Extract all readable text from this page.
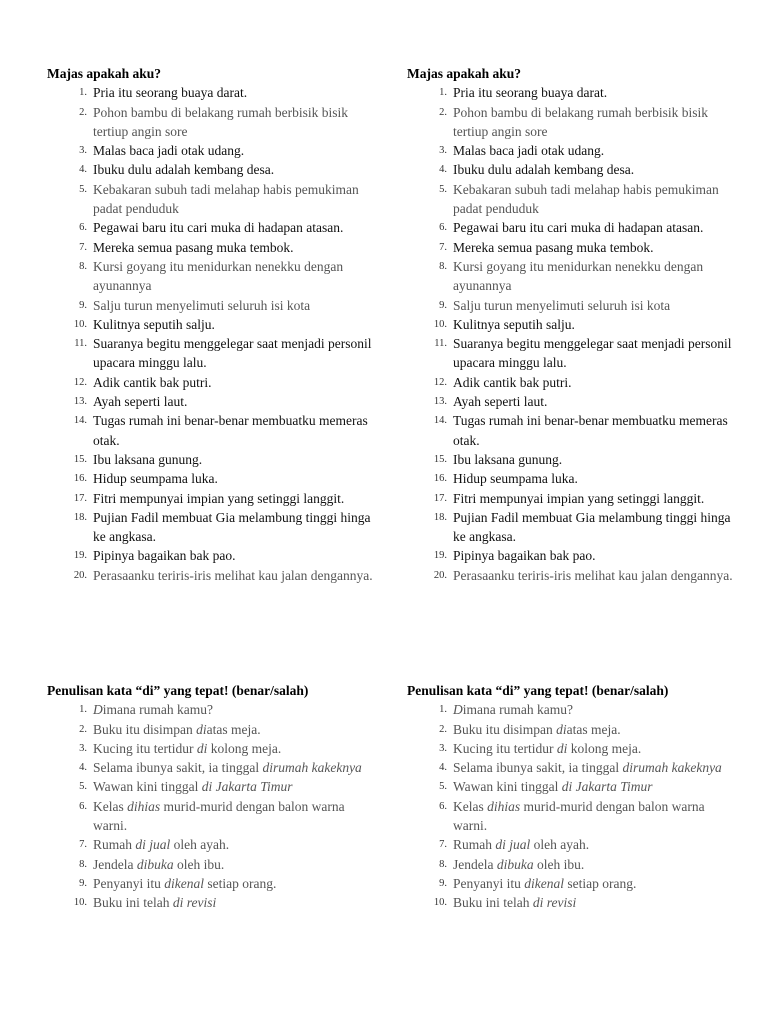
Majas apakah aku?

1. Pria itu seorang buaya darat.
2. Pohon bambu di belakang rumah berbisik bisik tertiup angin sore
3. Malas baca jadi otak udang.
4. Ibuku dulu adalah kembang desa.
5. Kebakaran subuh tadi melahap habis pemukiman padat penduduk
6. Pegawai baru itu cari muka di hadapan atasan.
7. Mereka semua pasang muka tembok.
8. Kursi goyang itu menidurkan nenekku dengan ayunannya
9. Salju turun menyelimuti seluruh isi kota
10. Kulitnya seputih salju.
11. Suaranya begitu menggelegar saat menjadi personil upacara minggu lalu.
12. Adik cantik bak putri.
13. Ayah seperti laut.
14. Tugas rumah ini benar-benar membuatku memeras otak.
15. Ibu laksana gunung.
16. Hidup seumpama luka.
17. Fitri mempunyai impian yang setinggi langgit.
18. Pujian Fadil membuat Gia melambung tinggi hinga ke angkasa.
19. Pipinya bagaikan bak pao.
20. Perasaanku teriris-iris melihat kau jalan dengannya.

Penulisan kata “di” yang tepat! (benar/salah)

1. Dimana rumah kamu?
2. Buku itu disimpan diatas meja.
3. Kucing itu tertidur di kolong meja.
4. Selama ibunya sakit, ia tinggal dirumah kakeknya
5. Wawan kini tinggal di Jakarta Timur
6. Kelas dihias murid-murid dengan balon warna warni.
7. Rumah di jual oleh ayah.
8. Jendela dibuka oleh ibu.
9. Penyanyi itu dikenal setiap orang.
10. Buku ini telah di revisi

Majas apakah aku?

1. Pria itu seorang buaya darat.
2. Pohon bambu di belakang rumah berbisik bisik tertiup angin sore
3. Malas baca jadi otak udang.
4. Ibuku dulu adalah kembang desa.
5. Kebakaran subuh tadi melahap habis pemukiman padat penduduk
6. Pegawai baru itu cari muka di hadapan atasan.
7. Mereka semua pasang muka tembok.
8. Kursi goyang itu menidurkan nenekku dengan ayunannya
9. Salju turun menyelimuti seluruh isi kota
10. Kulitnya seputih salju.
11. Suaranya begitu menggelegar saat menjadi personil upacara minggu lalu.
12. Adik cantik bak putri.
13. Ayah seperti laut.
14. Tugas rumah ini benar-benar membuatku memeras otak.
15. Ibu laksana gunung.
16. Hidup seumpama luka.
17. Fitri mempunyai impian yang setinggi langgit.
18. Pujian Fadil membuat Gia melambung tinggi hinga ke angkasa.
19. Pipinya bagaikan bak pao.
20. Perasaanku teriris-iris melihat kau jalan dengannya.

Penulisan kata “di” yang tepat! (benar/salah)

1. Dimana rumah kamu?
2. Buku itu disimpan diatas meja.
3. Kucing itu tertidur di kolong meja.
4. Selama ibunya sakit, ia tinggal dirumah kakeknya
5. Wawan kini tinggal di Jakarta Timur
6. Kelas dihias murid-murid dengan balon warna warni.
7. Rumah di jual oleh ayah.
8. Jendela dibuka oleh ibu.
9. Penyanyi itu dikenal setiap orang.
10. Buku ini telah di revisi
